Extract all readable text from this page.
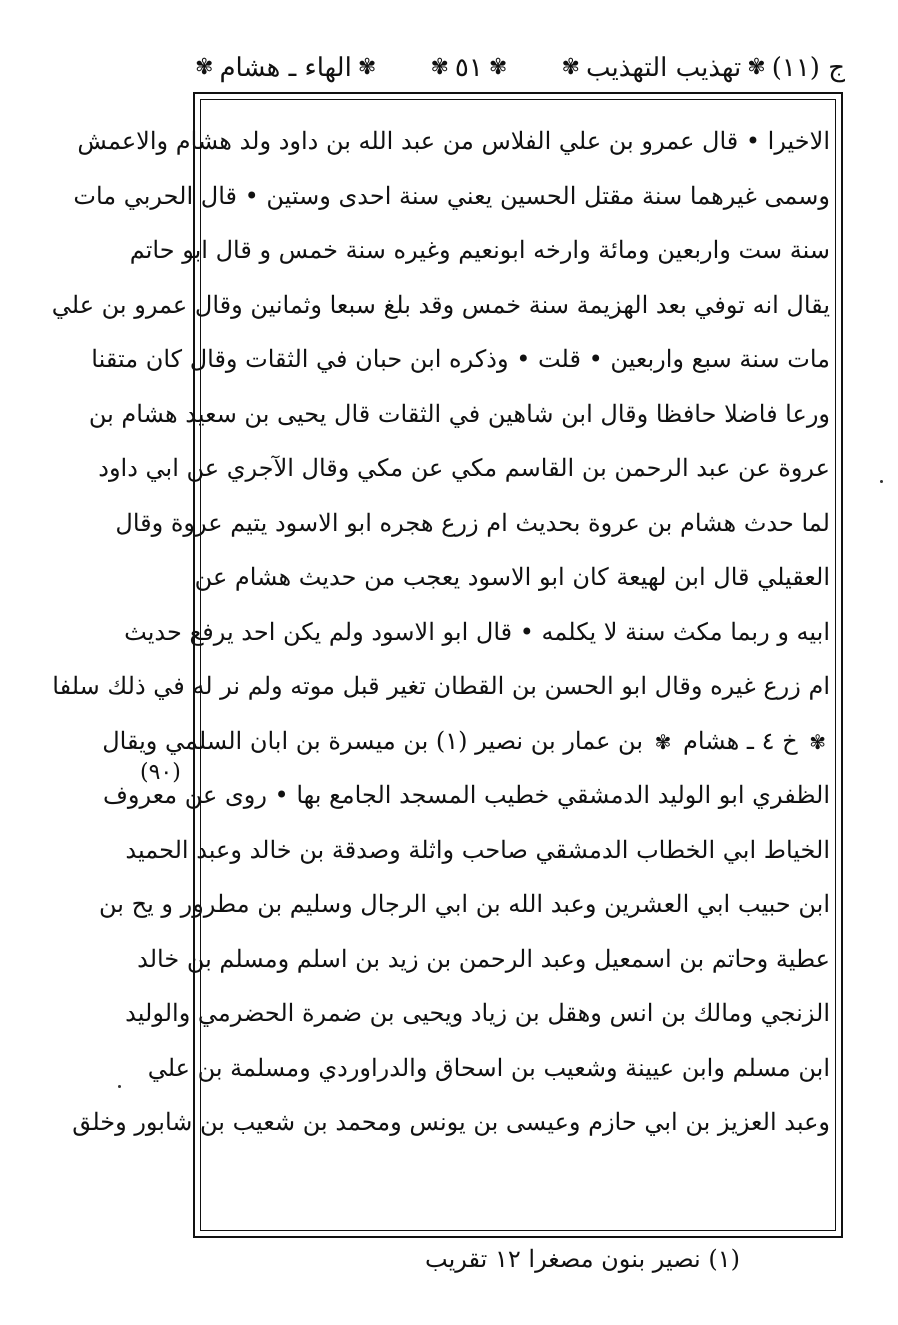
ج (١١)
✾
تهذيب التهذيب
✾
✾
٥١
✾
✾
الهاء ـ هشام
✾
الاخيرا • قال عمرو بن علي الفلاس من عبد الله بن داود ولد هشام والاعمش
وسمى غيرهما سنة مقتل الحسين يعني سنة احدى وستين • قال الحربي مات
سنة ست واربعين ومائة وارخه ابونعيم وغيره سنة خمس و قال ابو حاتم
يقال انه توفي بعد الهزيمة سنة خمس وقد بلغ سبعا وثمانين وقال عمرو بن علي
مات سنة سبع واربعين • قلت • وذكره ابن حبان في الثقات وقال كان متقنا
ورعا فاضلا حافظا وقال ابن شاهين في الثقات قال يحيى بن سعيد هشام بن
عروة عن عبد الرحمن بن القاسم مكي عن مكي وقال الآجري عن ابي داود
لما حدث هشام بن عروة بحديث ام زرع هجره ابو الاسود يتيم عروة وقال
العقيلي قال ابن لهيعة كان ابو الاسود يعجب من حديث هشام عن
ابيه و ربما مكث سنة لا يكلمه • قال ابو الاسود ولم يكن احد يرفع حديث
ام زرع غيره وقال ابو الحسن بن القطان تغير قبل موته ولم نر له في ذلك سلفا
✾ خ ٤ ـ هشام ✾ بن عمار بن نصير (١) بن ميسرة بن ابان السلمي ويقال
الظفري ابو الوليد الدمشقي خطيب المسجد الجامع بها • روى عن معروف
الخياط ابي الخطاب الدمشقي صاحب واثلة وصدقة بن خالد وعبد الحميد
ابن حبيب ابي العشرين وعبد الله بن ابي الرجال وسليم بن مطرور و يح بن
عطية وحاتم بن اسمعيل وعبد الرحمن بن زيد بن اسلم ومسلم بن خالد
الزنجي ومالك بن انس وهقل بن زياد ويحيى بن ضمرة الحضرمي والوليد
ابن مسلم وابن عيينة وشعيب بن اسحاق والدراوردي ومسلمة بن علي
وعبد العزيز بن ابي حازم وعيسى بن يونس ومحمد بن شعيب بن شابور وخلق
(٩٠)
(١) نصير بنون مصغرا ١٢ تقريب
